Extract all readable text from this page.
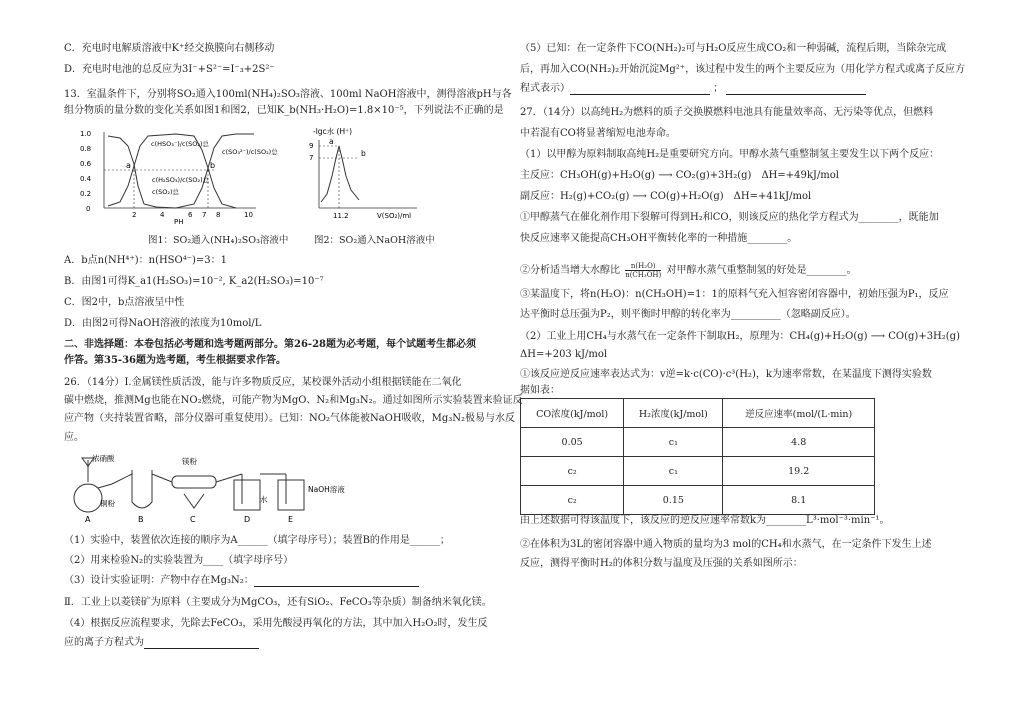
C．充电时电解质溶液中K⁺经交换膜向右侧移动
D．充电时电池的总反应为3I⁻+S²⁻=I⁻₃+2S²⁻
13．室温条件下，分别将SO₂通入100ml(NH₄)₂SO₃溶液、100ml NaOH溶液中，测得溶液pH与各
组分物质的量分数的变化关系如图1和图2，已知K_b(NH₃·H₂O)=1.8×10⁻⁵，下列说法不正确的是
1.0
0.8
0.6
0.4
0.2
0
2	4	6 7 8	10
PH
a	b
c(HSO₃⁻)/c(SO₂)总
c(SO₃²⁻)/c(SO₂)总
c(H₂SO₃)/c(SO₂)总
c(SO₂)总
-lgc水 (H⁺)
9
7
a
b
11.2	V(SO₂)/ml
图1：SO₂通入(NH₄)₂SO₃溶液中	图2：SO₂通入NaOH溶液中
A．b点n(NH⁴⁺)：n(HSO⁴⁻)=3：1
B．由图1可得K_a1(H₂SO₃)=10⁻², K_a2(H₂SO₃)=10⁻⁷
C．图2中，b点溶液呈中性
D．由图2可得NaOH溶液的浓度为10mol/L
二、非选择题：本卷包括必考题和选考题两部分。第26-28题为必考题，每个试题考生都必须
作答。第35-36题为选考题，考生根据要求作答。
26．（14分）Ⅰ.金属镁性质活泼，能与许多物质反应，某校课外活动小组根据镁能在二氧化
碳中燃烧，推测Mg也能在NO₂燃烧，可能产物为MgO、N₂和Mg₃N₂。通过如图所示实验装置来验证反
应产物（夹持装置省略，部分仪器可重复使用）。已知：NO₂气体能被NaOH吸收，Mg₃N₂极易与水反
应。
浓硝酸
铜粉
A	B
镁粉
C
水
D
NaOH溶液
E
（1）实验中，装置依次连接的顺序为A______（填字母序号）；装置B的作用是______；
（2）用来检验N₂的实验装置为____（填字母序号）
（3）设计实验证明：产物中存在Mg₃N₂：
Ⅱ．工业上以菱镁矿为原料（主要成分为MgCO₃，还有SiO₂、FeCO₃等杂质）制备纳米氧化镁。
（4）根据反应流程要求，先除去FeCO₃，采用先酸浸再氧化的方法，其中加入H₂O₂时，发生反
应的离子方程式为
（5）已知：在一定条件下CO(NH₂)₂可与H₂O反应生成CO₂和一种弱碱，流程后期，当除杂完成
后，再加入CO(NH₂)₂开始沉淀Mg²⁺，该过程中发生的两个主要反应为（用化学方程式或离子反应方
程式表示）	；
27．（14分）以高纯H₂为燃料的质子交换膜燃料电池具有能量效率高、无污染等优点，但燃料
中若混有CO将显著缩短电池寿命。
（1）以甲醇为原料制取高纯H₂是重要研究方向。甲醇水蒸气重整制氢主要发生以下两个反应：
主反应：CH₃OH(g)+H₂O(g) ⟶ CO₂(g)+3H₂(g)　ΔH=+49kJ/mol
副反应：H₂(g)+CO₂(g) ⟶ CO(g)+H₂O(g)　ΔH=+41kJ/mol
①甲醇蒸气在催化剂作用下裂解可得到H₂和CO，则该反应的热化学方程式为________，既能加
快反应速率又能提高CH₃OH平衡转化率的一种措施________。
②分析适当增大水醇比 $\frac{\text{n(H₂O)}}{\text{n(CH₃OH)}}$ 对甲醇水蒸气重整制氢的好处是________。
③某温度下，将n(H₂O)：n(CH₃OH)=1：1的原料气充入恒容密闭容器中，初始压强为P₁，反应
达平衡时总压强为P₂，则平衡时甲醇的转化率为__________（忽略副反应）。
（2）工业上用CH₄与水蒸气在一定条件下制取H₂，原理为：CH₄(g)+H₂O(g) ⟶ CO(g)+3H₂(g)
ΔH=+203 kJ/mol
①该反应逆反应速率表达式为：v逆=k·c(CO)·c³(H₂)，k为速率常数，在某温度下测得实验数
据如表：
CO浓度(kJ/mol)	H₂浓度(kJ/mol)	逆反应速率(mol/(L·min)
0.05	c₁	4.8
c₂	c₁	19.2
c₂	0.15	8.1
由上述数据可得该温度下，该反应的逆反应速率常数k为________L³·mol⁻³·min⁻¹。
②在体积为3L的密闭容器中通入物质的量均为3 mol的CH₄和水蒸气，在一定条件下发生上述
反应，测得平衡时H₂的体积分数与温度及压强的关系如图所示：
